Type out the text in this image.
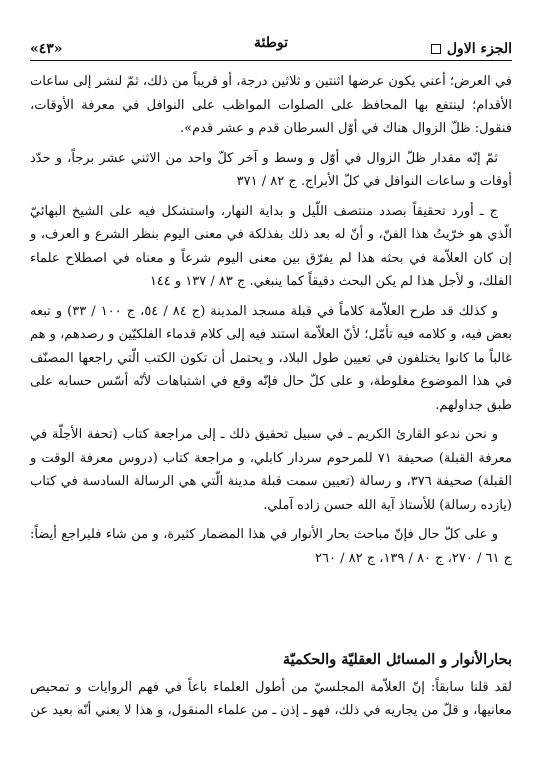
الجزء الاول
توطئة
«٤٣»

في العرض؛ أعني يكون عرضها اثنتين و ثلاثين درجة، أو قريباً من ذلك، ثمّ لنشر إلى ساعات الأقدام؛ لينتفع بها المحافظ على الصلوات المواظب على النوافل في معرفة الأوقات، فنقول: ظلّ الزوال هناك في أوّل السرطان قدم و عشر قدم».

ثمّ إنّه مقدار ظلّ الزوال في أوّل و وسط و آخر كلّ واحد من الاثني عشر برجاً، و حدّد أوقات و ساعات النوافل في كلّ الأبراج. ج ٨٢ / ٣٧١

ج ـ أورد تحقيقاً بصدد منتصف اللّيل و بداية النهار، واستشكل فيه على الشيخ البهائيّ الّذي هو خرّيتُ هذا الفنّ، و أنّ له بعد ذلك بفذلكة في معنى اليوم بنظر الشرع و العرف، و إن كان العلاّمة في بحثه هذا لم يفرّق بين معنى اليوم شرعاً و معناه في اصطلاح علماء الفلك، و لأجل هذا لم يكن البحث دقيقاً كما ينبغي. ج ٨٣ / ١٣٧ و ١٤٤

و كذلك قد طرح العلاّمة كلاماً في قبلة مسجد المدينة (ج ٨٤ / ٥٤، ج ١٠٠ / ٣٣) و تبعه بعض فيه، و كلامه فيه تأمّل؛ لأنّ العلاّمة استند فيه إلى كلام قدماء الفلكيّين و رصدهم، و هم غالباً ما كانوا يختلفون في تعيين طول البلاد، و يحتمل أن تكون الكتب الّتي راجعها المصنّف في هذا الموضوع مغلوطة، و على كلّ حال فإنّه وقع في اشتباهات لأنّه أسّس حسابه على طبق جداولهم.

و نحن ندعو القارئ الكريم ـ في سبيل تحقيق ذلك ـ إلى مراجعة كتاب (تحفة الأجلّة في معرفة القبلة) صحيفة ٧١ للمرحوم سردار كابلي، و مراجعة كتاب (دروس معرفة الوقت و القبلة) صحيفة ٣٧٦، و رسالة (تعيين سمت قبلة مدينة الّتي هي الرسالة السادسة في كتاب (يازده رسالة) للأستاذ آية الله حسن زاده آملي.

و على كلّ حال فإنّ مباحث بحار الأنوار في هذا المضمار كثيرة، و من شاء فليراجع أيضاً: ج ٦١ / ٢٧٠، ج ٨٠ / ١٣٩، ج ٨٢ / ٢٦٠

بحارالأنوار و المسائل العقليّة والحكميّة

لقد قلنا سابقاً: إنّ العلاّمة المجلسيّ من أطول العلماء باعاً في فهم الروايات و تمحيص معانيها، و قلّ من يجاريه في ذلك، فهو ـ إذن ـ من علماء المنقول، و هذا لا يعني أنّه بعيد عن
